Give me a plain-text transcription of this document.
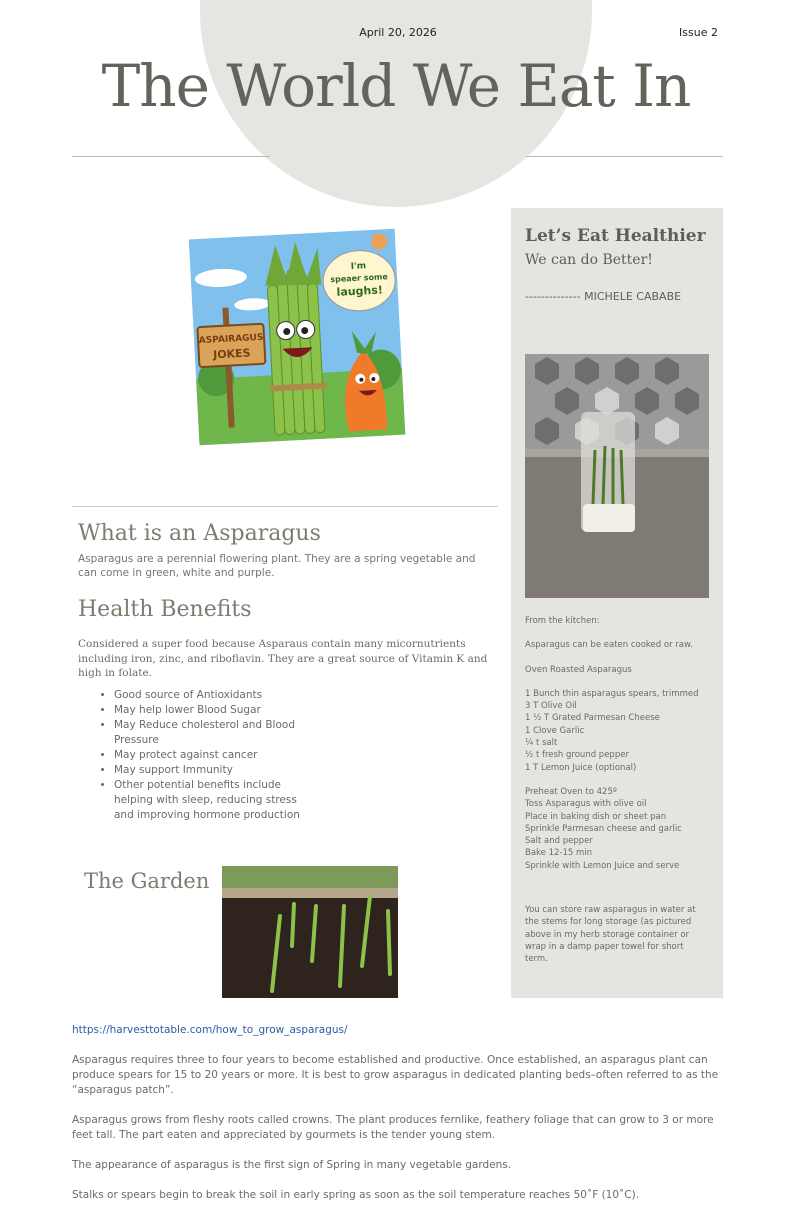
April 20, 2026	Issue 2
The World We Eat In
ASPAIRAGUS
JOKES
I'm
speaer some
laughs!
What is an Asparagus
Asparagus are a perennial flowering plant. They are a spring vegetable and can come in green, white and purple.
Health Benefits
Considered a super food because Asparaus contain many micornutrients including iron, zinc, and riboflavin. They are a great source of Vitamin K and high in folate.
• Good source of Antioxidants
• May help lower Blood Sugar
• May Reduce cholesterol and Blood Pressure
• May protect against cancer
• May support Immunity
• Other potential benefits include helping with sleep, reducing stress and improving hormone production
The Garden
Let’s Eat Healthier
We can do Better!
-------------- MICHELE CABABE
From the kitchen:
Asparagus can be eaten cooked or raw.
Oven Roasted Asparagus
1 Bunch thin asparagus spears, trimmed
3 T Olive Oil
1 ½ T Grated Parmesan Cheese
1 Clove Garlic
¼ t salt
½ t fresh ground pepper
1 T Lemon Juice (optional)
Preheat Oven to 425º
Toss Asparagus with olive oil
Place in baking dish or sheet pan
Sprinkle Parmesan cheese and garlic
Salt and pepper
Bake 12-15 min
Sprinkle with Lemon Juice and serve
You can store raw asparagus in water at the stems for long storage (as pictured above in my herb storage container or wrap in a damp paper towel for short term.
https://harvesttotable.com/how_to_grow_asparagus/
Asparagus requires three to four years to become established and productive. Once established, an asparagus plant can produce spears for 15 to 20 years or more. It is best to grow asparagus in dedicated planting beds–often referred to as the “asparagus patch”.
Asparagus grows from fleshy roots called crowns. The plant produces fernlike, feathery foliage that can grow to 3 or more feet tall. The part eaten and appreciated by gourmets is the tender young stem.
The appearance of asparagus is the first sign of Spring in many vegetable gardens.
Stalks or spears begin to break the soil in early spring as soon as the soil temperature reaches 50˚F (10˚C).
